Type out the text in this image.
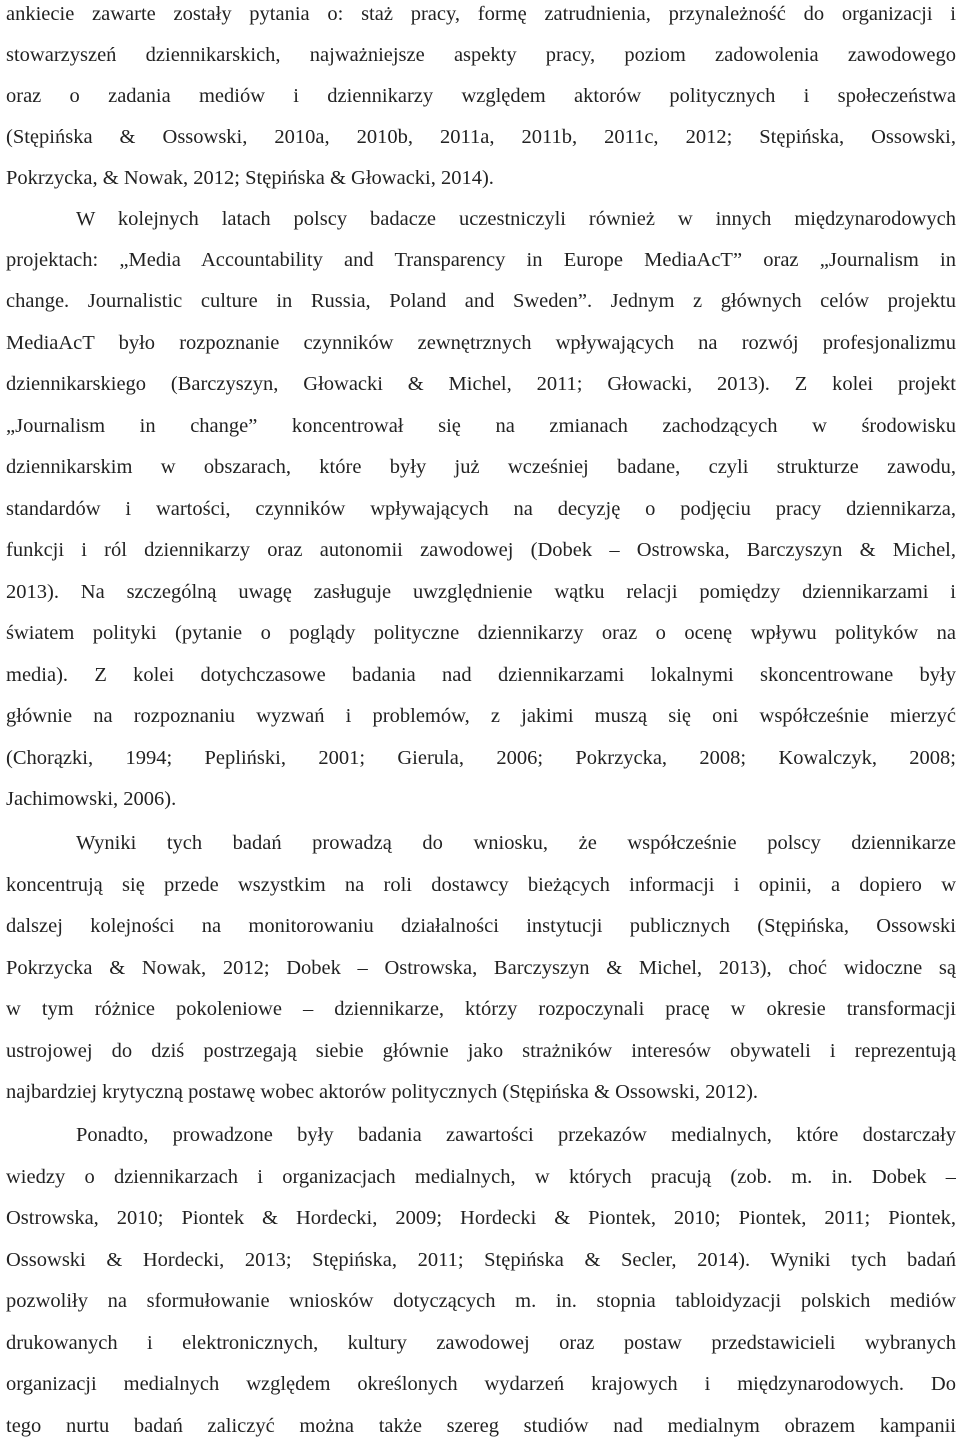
ankiecie zawarte zostały pytania o: staż pracy, formę zatrudnienia, przynależność do organizacji i
stowarzyszeń dziennikarskich, najważniejsze aspekty pracy, poziom zadowolenia zawodowego
oraz o zadania mediów i dziennikarzy względem aktorów politycznych i społeczeństwa
(Stępińska & Ossowski, 2010a, 2010b, 2011a, 2011b, 2011c, 2012; Stępińska, Ossowski,
Pokrzycka, & Nowak, 2012; Stępińska & Głowacki, 2014).
W kolejnych latach polscy badacze uczestniczyli również w innych międzynarodowych
projektach: „Media Accountability and Transparency in Europe MediaAcT” oraz „Journalism in
change. Journalistic culture in Russia, Poland and Sweden”. Jednym z głównych celów projektu
MediaAcT było rozpoznanie czynników zewnętrznych wpływających na rozwój profesjonalizmu
dziennikarskiego (Barczyszyn, Głowacki & Michel, 2011; Głowacki, 2013). Z kolei projekt
„Journalism in change” koncentrował się na zmianach zachodzących w środowisku
dziennikarskim w obszarach, które były już wcześniej badane, czyli strukturze zawodu,
standardów i wartości, czynników wpływających na decyzję o podjęciu pracy dziennikarza,
funkcji i ról dziennikarzy oraz autonomii zawodowej (Dobek – Ostrowska, Barczyszyn & Michel,
2013). Na szczególną uwagę zasługuje uwzględnienie wątku relacji pomiędzy dziennikarzami i
światem polityki (pytanie o poglądy polityczne dziennikarzy oraz o ocenę wpływu polityków na
media). Z kolei dotychczasowe badania nad dziennikarzami lokalnymi skoncentrowane były
głównie na rozpoznaniu wyzwań i problemów, z jakimi muszą się oni współcześnie mierzyć
(Chorązki, 1994; Pepliński, 2001; Gierula, 2006; Pokrzycka, 2008; Kowalczyk, 2008;
Jachimowski, 2006).
Wyniki tych badań prowadzą do wniosku, że współcześnie polscy dziennikarze
koncentrują się przede wszystkim na roli dostawcy bieżących informacji i opinii, a dopiero w
dalszej kolejności na monitorowaniu działalności instytucji publicznych (Stępińska, Ossowski
Pokrzycka & Nowak, 2012; Dobek – Ostrowska, Barczyszyn & Michel, 2013), choć widoczne są
w tym różnice pokoleniowe – dziennikarze, którzy rozpoczynali pracę w okresie transformacji
ustrojowej do dziś postrzegają siebie głównie jako strażników interesów obywateli i reprezentują
najbardziej krytyczną postawę wobec aktorów politycznych (Stępińska & Ossowski, 2012).
Ponadto, prowadzone były badania zawartości przekazów medialnych, które dostarczały
wiedzy o dziennikarzach i organizacjach medialnych, w których pracują (zob. m. in. Dobek –
Ostrowska, 2010; Piontek & Hordecki, 2009; Hordecki & Piontek, 2010; Piontek, 2011; Piontek,
Ossowski & Hordecki, 2013; Stępińska, 2011; Stępińska & Secler, 2014). Wyniki tych badań
pozwoliły na sformułowanie wniosków dotyczących m. in. stopnia tabloidyzacji polskich mediów
drukowanych i elektronicznych, kultury zawodowej oraz postaw przedstawicieli wybranych
organizacji medialnych względem określonych wydarzeń krajowych i międzynarodowych. Do
tego nurtu badań zaliczyć można także szereg studiów nad medialnym obrazem kampanii
